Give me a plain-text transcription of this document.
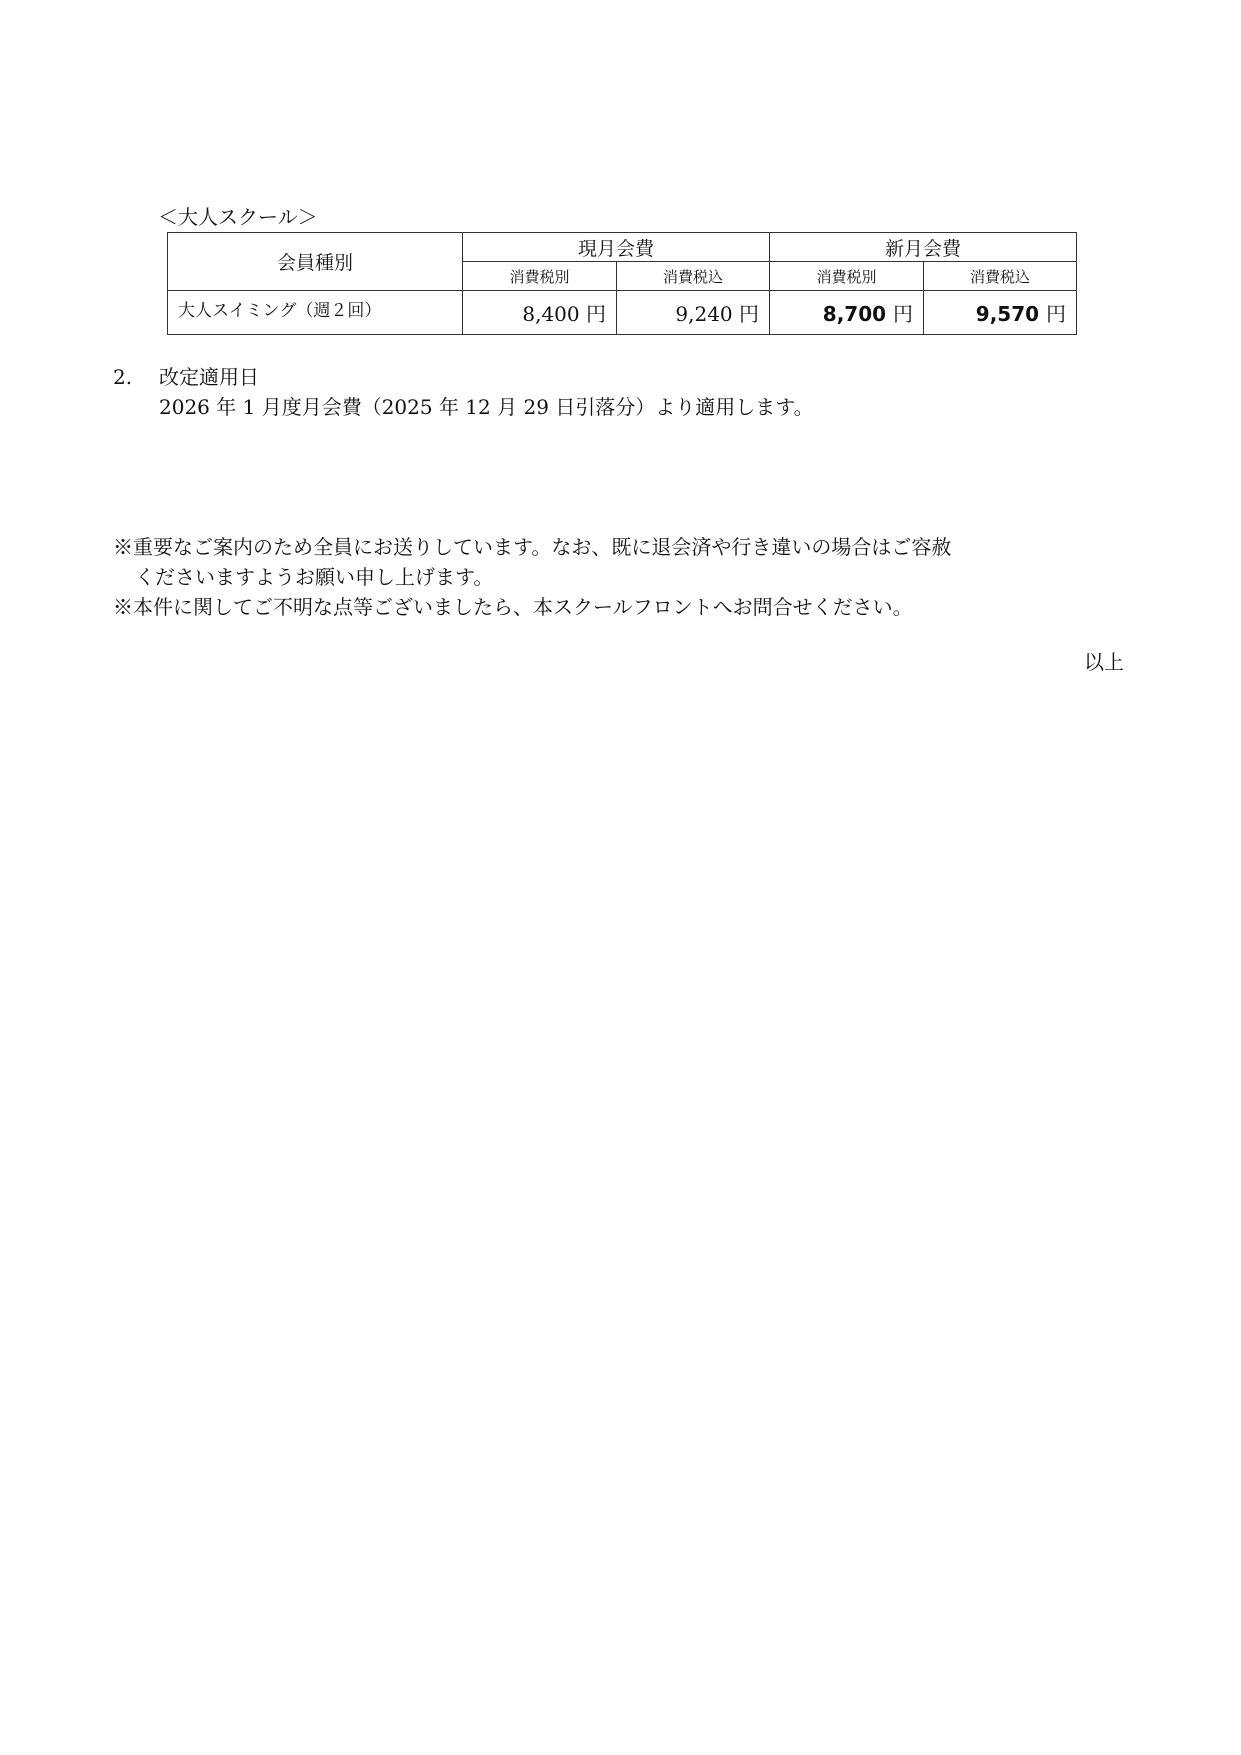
＜大人スクール＞
会員種別	現月会費		新月会費	
	消費税別	消費税込	消費税別	消費税込
大人スイミング（週２回）	8,400 円	9,240 円	8,700 円	9,570 円
2. 改定適用日
2026 年 1 月度月会費（2025 年 12 月 29 日引落分）より適用します。
※重要なご案内のため全員にお送りしています。なお、既に退会済や行き違いの場合はご容赦
くださいますようお願い申し上げます。
※本件に関してご不明な点等ございましたら、本スクールフロントへお問合せください。
以上
